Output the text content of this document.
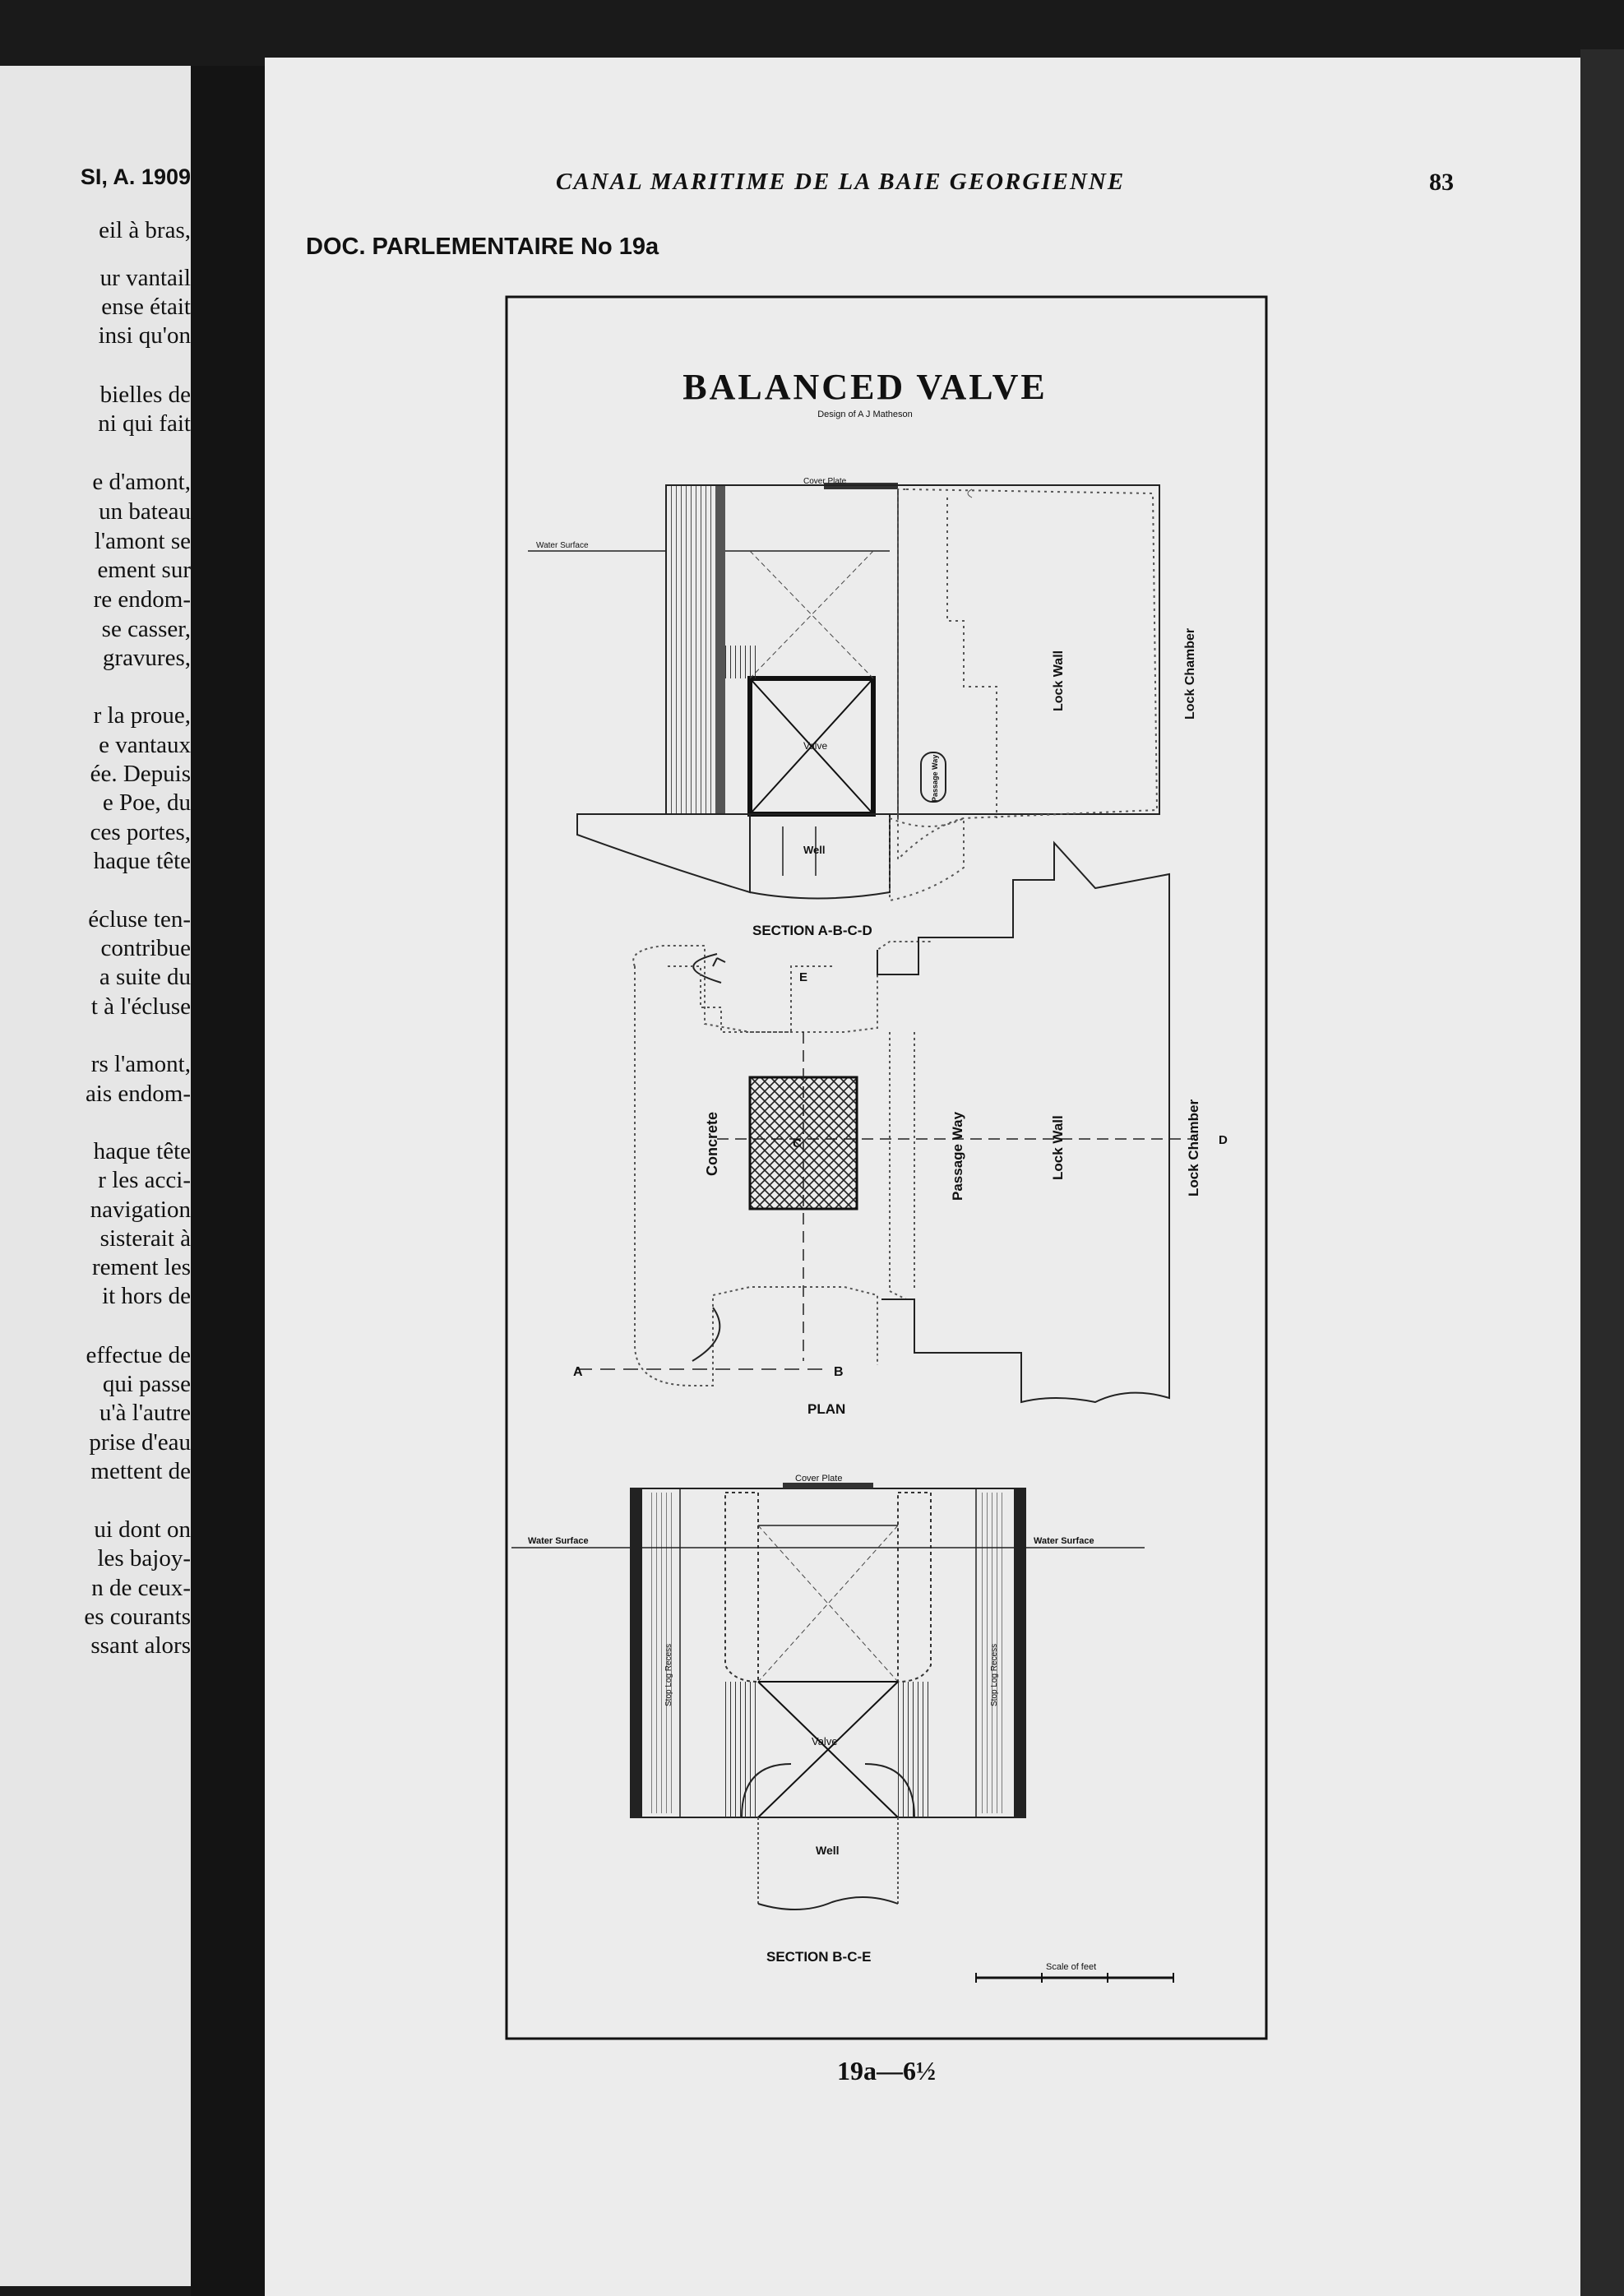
SI, A. 1909
eil à bras,
ur vantail
ense était
insi qu'on
bielles de
ni qui fait
e d'amont,
un bateau
l'amont se
ement sur
re endom-
se casser,
gravures,
r la proue,
e vantaux
ée. Depuis
e Poe, du
ces portes,
haque tête
écluse ten-
contribue
a suite du
t à l'écluse
rs l'amont,
ais endom-
haque tête
r les acci-
navigation
sisterait à
rement les
it hors de
effectue de
qui passe
u'à l'autre
prise d'eau
mettent de
ui dont on
les bajoy-
n de ceux-
es courants
ssant alors
CANAL MARITIME DE LA BAIE GEORGIENNE	83
DOC. PARLEMENTAIRE No 19a
BALANCED VALVE
Design of A J Matheson
Cover Plate
Water Surface
Lock Wall	Lock Chamber
Valve
Passage Way
Well
SECTION A-B-C-D
E
Concrete	C	Passage Way	Lock Wall	Lock Chamber D
A	B
PLAN
Cover Plate
Water Surface	Water Surface
Stop Log Recess	Stop Log Recess
Valve
Well
SECTION B-C-E
Scale of feet
19a—6½
